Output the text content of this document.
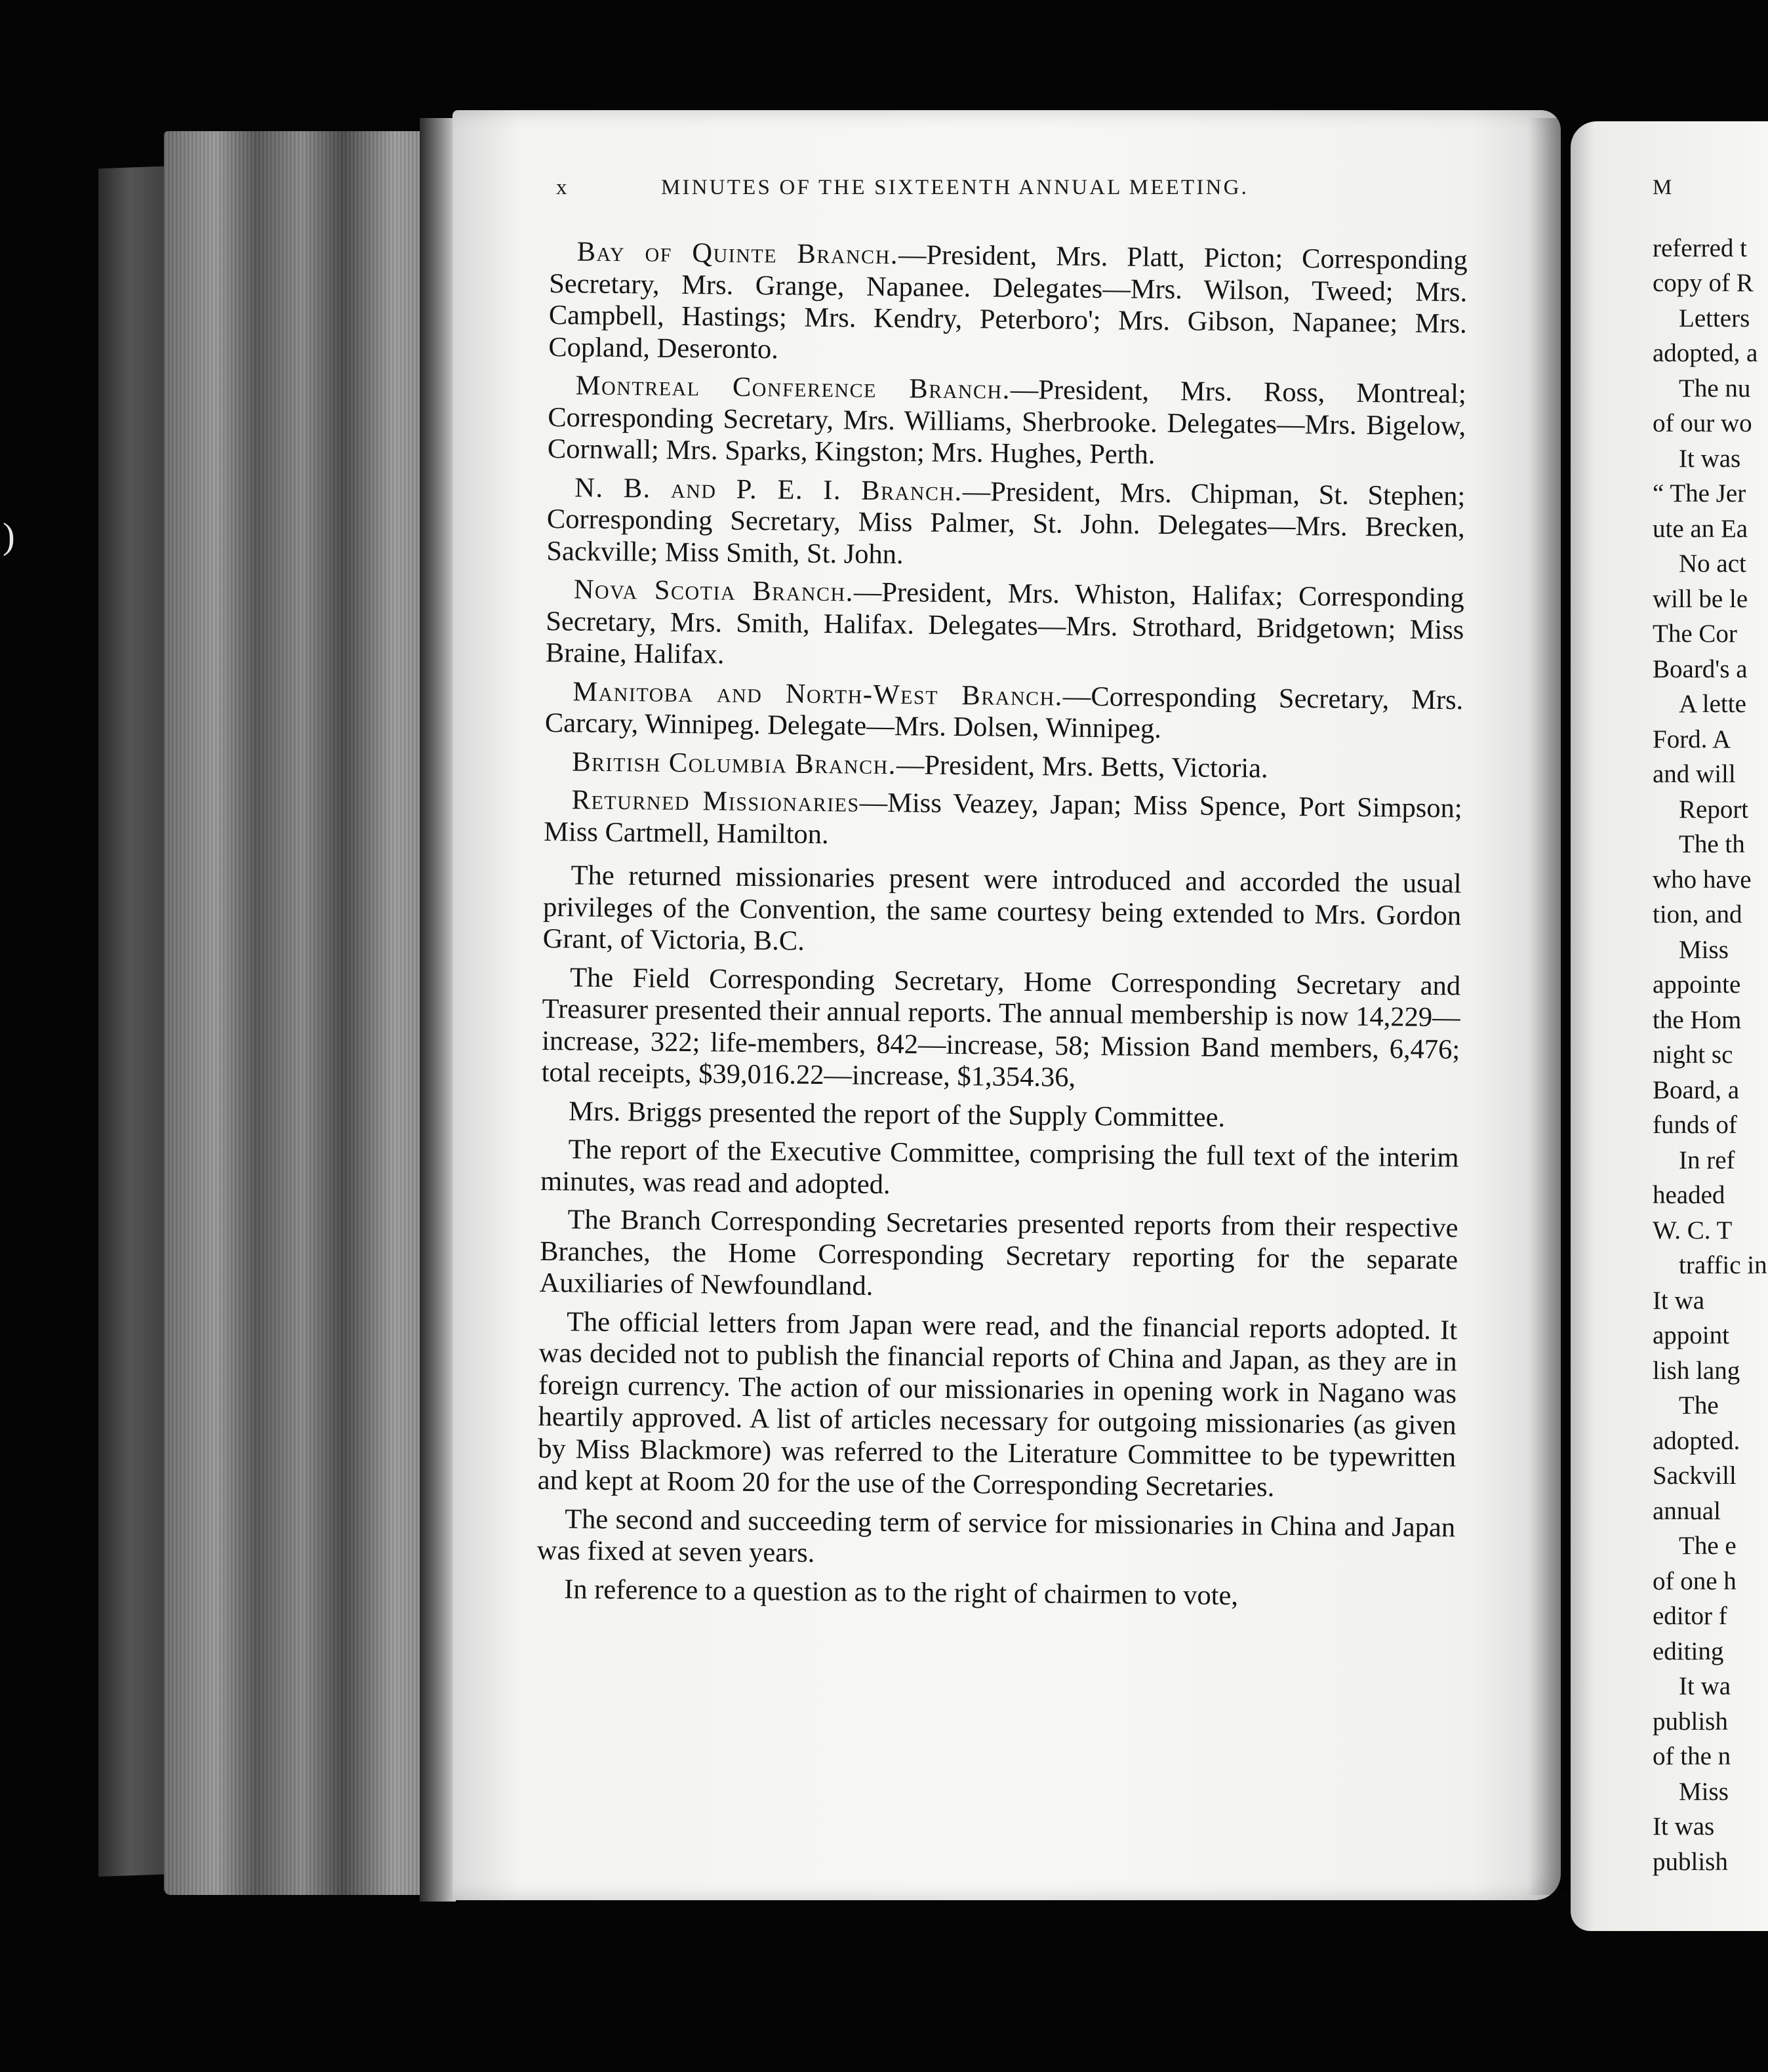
)
x	MINUTES OF THE SIXTEENTH ANNUAL MEETING.

Bay of Quinte Branch.—President, Mrs. Platt, Picton; Corresponding Secretary, Mrs. Grange, Napanee. Delegates—Mrs. Wilson, Tweed; Mrs. Campbell, Hastings; Mrs. Kendry, Peterboro'; Mrs. Gibson, Napanee; Mrs. Copland, Deseronto.

Montreal Conference Branch.—President, Mrs. Ross, Montreal; Corresponding Secretary, Mrs. Williams, Sherbrooke. Delegates—Mrs. Bigelow, Cornwall; Mrs. Sparks, Kingston; Mrs. Hughes, Perth.

N. B. and P. E. I. Branch.—President, Mrs. Chipman, St. Stephen; Corresponding Secretary, Miss Palmer, St. John. Delegates—Mrs. Brecken, Sackville; Miss Smith, St. John.

Nova Scotia Branch.—President, Mrs. Whiston, Halifax; Corresponding Secretary, Mrs. Smith, Halifax. Delegates—Mrs. Strothard, Bridgetown; Miss Braine, Halifax.

Manitoba and North-West Branch.—Corresponding Secretary, Mrs. Carcary, Winnipeg. Delegate—Mrs. Dolsen, Winnipeg.

British Columbia Branch.—President, Mrs. Betts, Victoria.

Returned Missionaries—Miss Veazey, Japan; Miss Spence, Port Simpson; Miss Cartmell, Hamilton.

The returned missionaries present were introduced and accorded the usual privileges of the Convention, the same courtesy being extended to Mrs. Gordon Grant, of Victoria, B.C.

The Field Corresponding Secretary, Home Corresponding Secretary and Treasurer presented their annual reports. The annual membership is now 14,229—increase, 322; life-members, 842—increase, 58; Mission Band members, 6,476; total receipts, $39,016.22—increase, $1,354.36,

Mrs. Briggs presented the report of the Supply Committee.

The report of the Executive Committee, comprising the full text of the interim minutes, was read and adopted.

The Branch Corresponding Secretaries presented reports from their respective Branches, the Home Corresponding Secretary reporting for the separate Auxiliaries of Newfoundland.

The official letters from Japan were read, and the financial reports adopted. It was decided not to publish the financial reports of China and Japan, as they are in foreign currency. The action of our missionaries in opening work in Nagano was heartily approved. A list of articles necessary for outgoing missionaries (as given by Miss Blackmore) was referred to the Literature Committee to be typewritten and kept at Room 20 for the use of the Corresponding Secretaries.

The second and succeeding term of service for missionaries in China and Japan was fixed at seven years.

In reference to a question as to the right of chairmen to vote,

M
referred t
copy of R
Letters
adopted, a
The nu
of our wo
It was
“ The Jer
ute an Ea
No act
will be le
The Cor
Board's a
A lette
Ford. A
and will
Report
The th
who have
tion, and
Miss
appointe
the Hom
night sc
Board, a
funds of
In ref
headed
W. C. T
traffic in
It wa
appoint
lish lang
The
adopted.
Sackvill
annual
The e
of one h
editor f
editing
It wa
publish
of the n
Miss
It was
publish
